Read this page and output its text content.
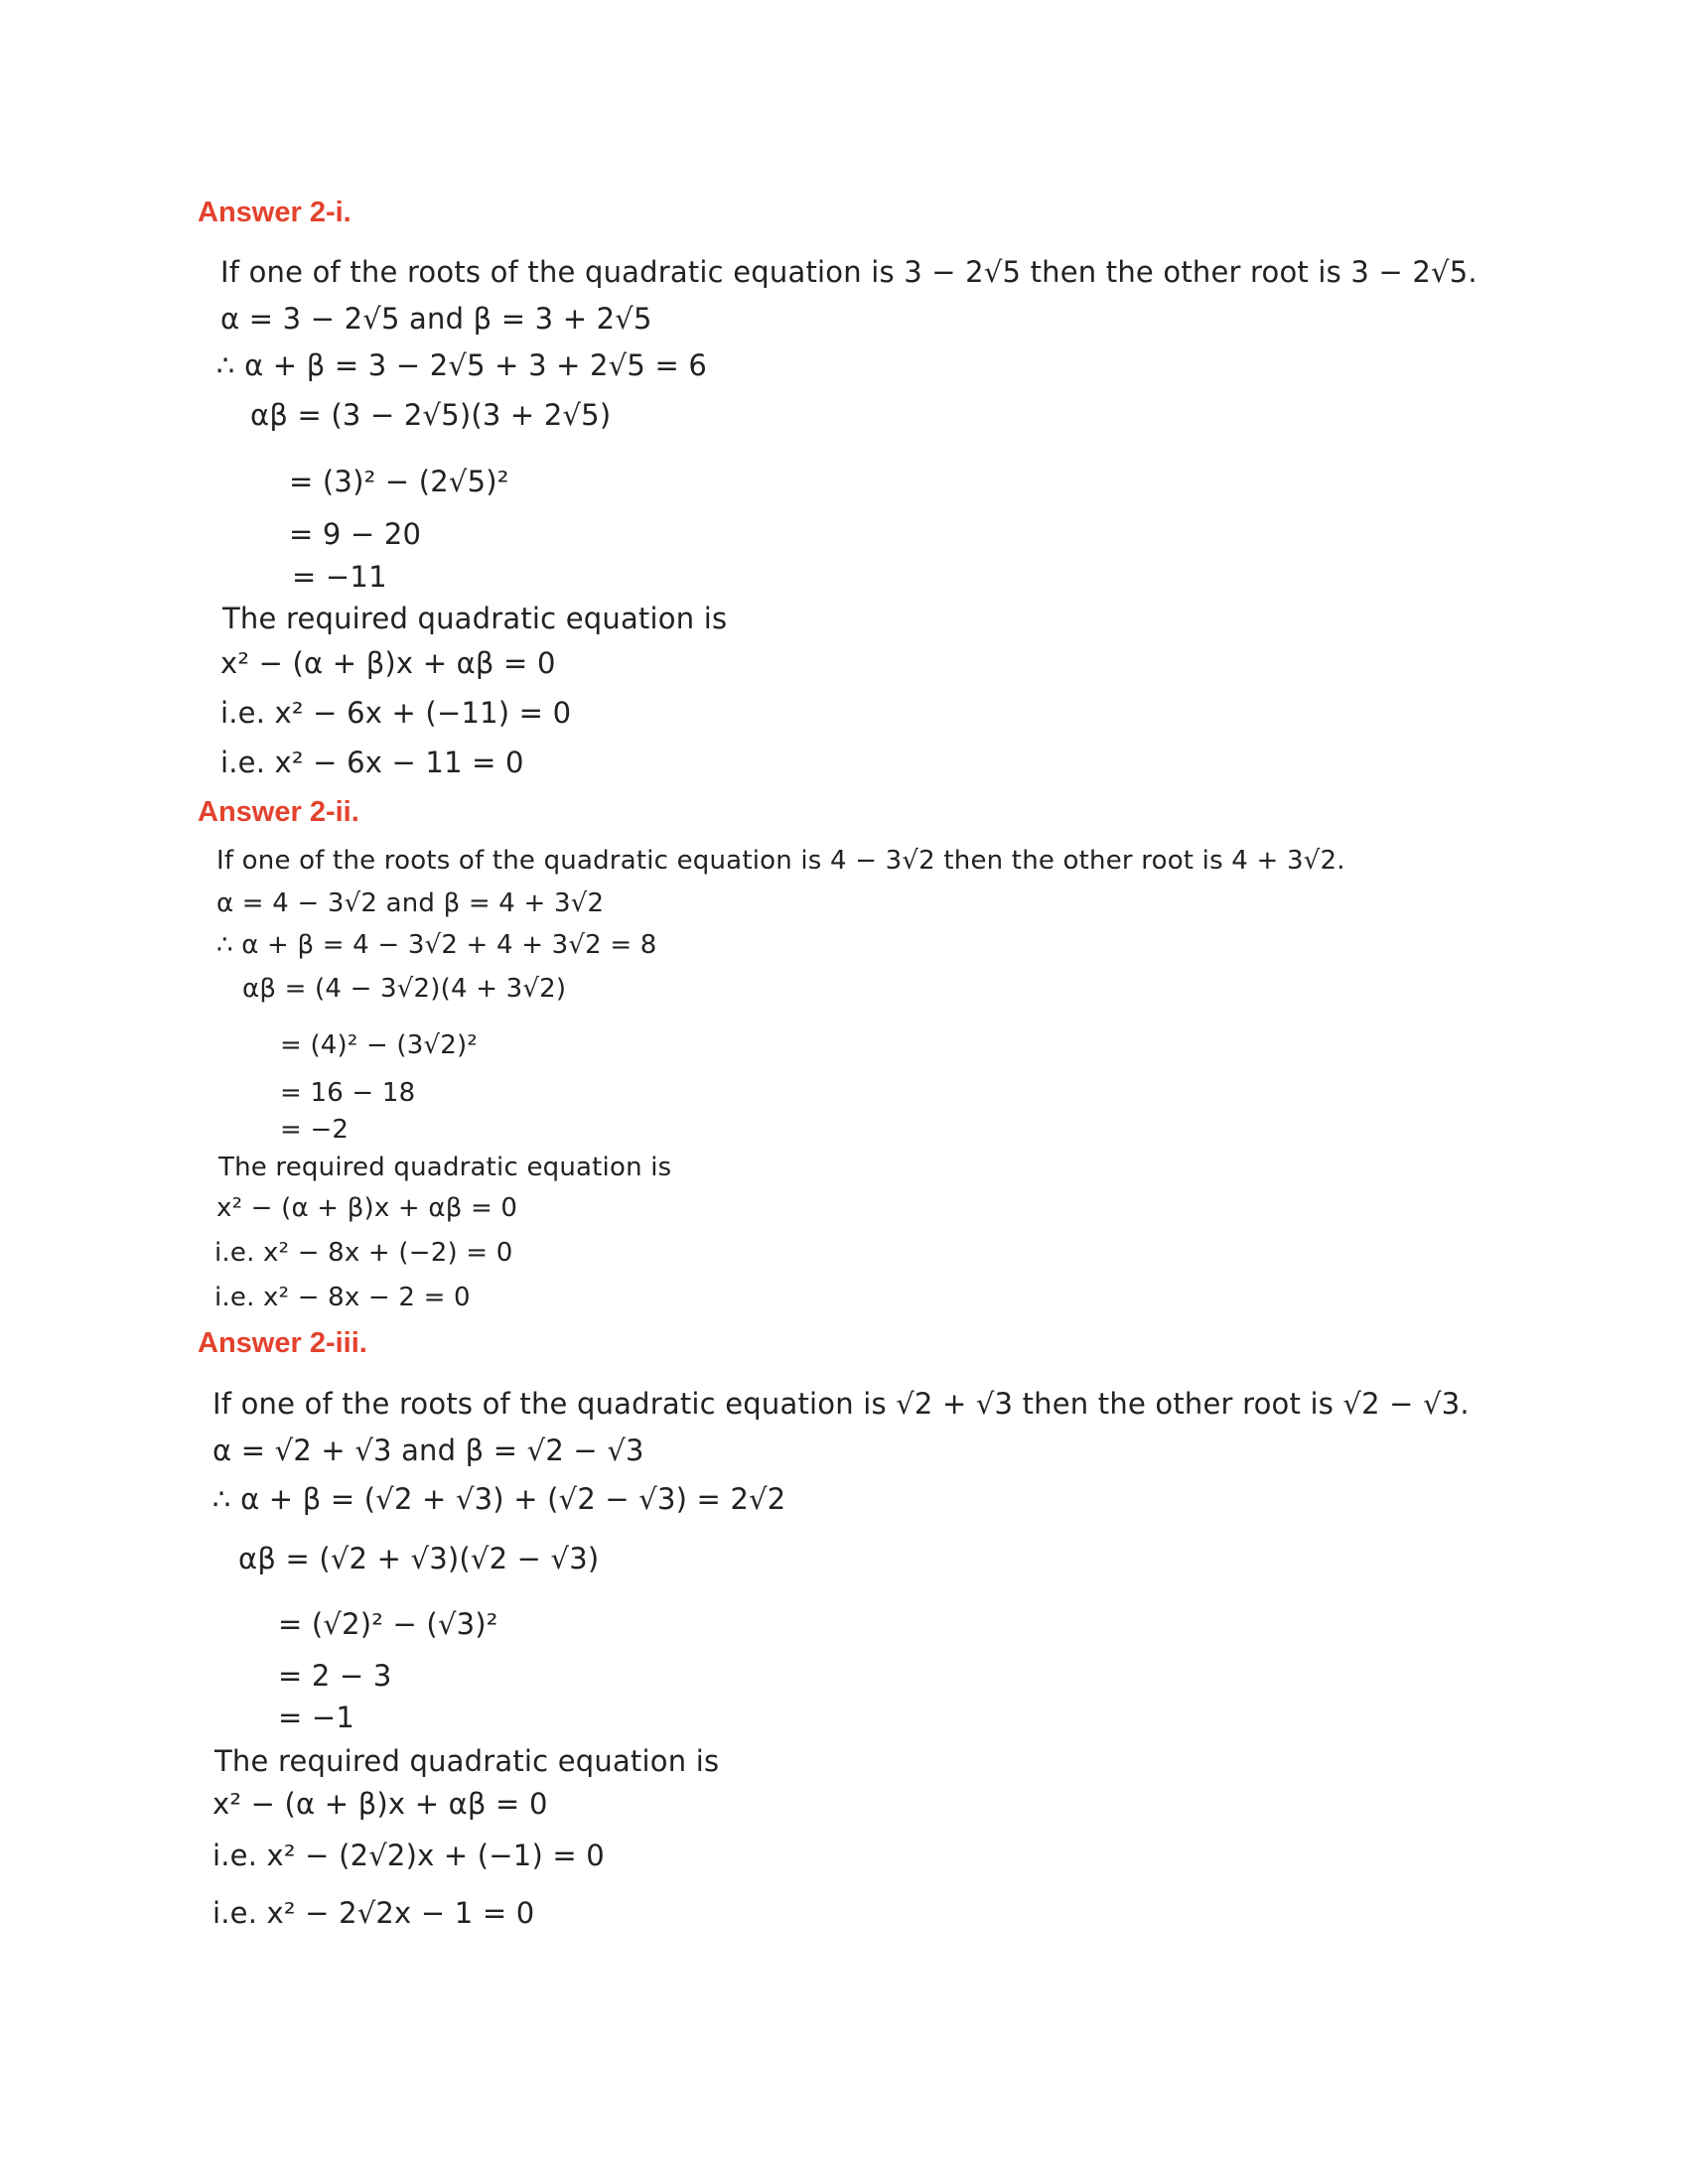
Answer 2-i.
If one of the roots of the quadratic equation is 3 − 2√5 then the other root is 3 − 2√5.
α = 3 − 2√5 and β = 3 + 2√5
∴ α + β = 3 − 2√5 + 3 + 2√5 = 6
αβ = (3 − 2√5)(3 + 2√5)
= (3)² − (2√5)²
= 9 − 20
= −11
The required quadratic equation is
x² − (α + β)x + αβ = 0
i.e. x² − 6x + (−11) = 0
i.e. x² − 6x − 11 = 0
Answer 2-ii.
If one of the roots of the quadratic equation is 4 − 3√2 then the other root is 4 + 3√2.
α = 4 − 3√2 and β = 4 + 3√2
∴ α + β = 4 − 3√2 + 4 + 3√2 = 8
αβ = (4 − 3√2)(4 + 3√2)
= (4)² − (3√2)²
= 16 − 18
= −2
The required quadratic equation is
x² − (α + β)x + αβ = 0
i.e. x² − 8x + (−2) = 0
i.e. x² − 8x − 2 = 0
Answer 2-iii.
If one of the roots of the quadratic equation is √2 + √3 then the other root is √2 − √3.
α = √2 + √3 and β = √2 − √3
∴ α + β = (√2 + √3) + (√2 − √3) = 2√2
αβ = (√2 + √3)(√2 − √3)
= (√2)² − (√3)²
= 2 − 3
= −1
The required quadratic equation is
x² − (α + β)x + αβ = 0
i.e. x² − (2√2)x + (−1) = 0
i.e. x² − 2√2x − 1 = 0
